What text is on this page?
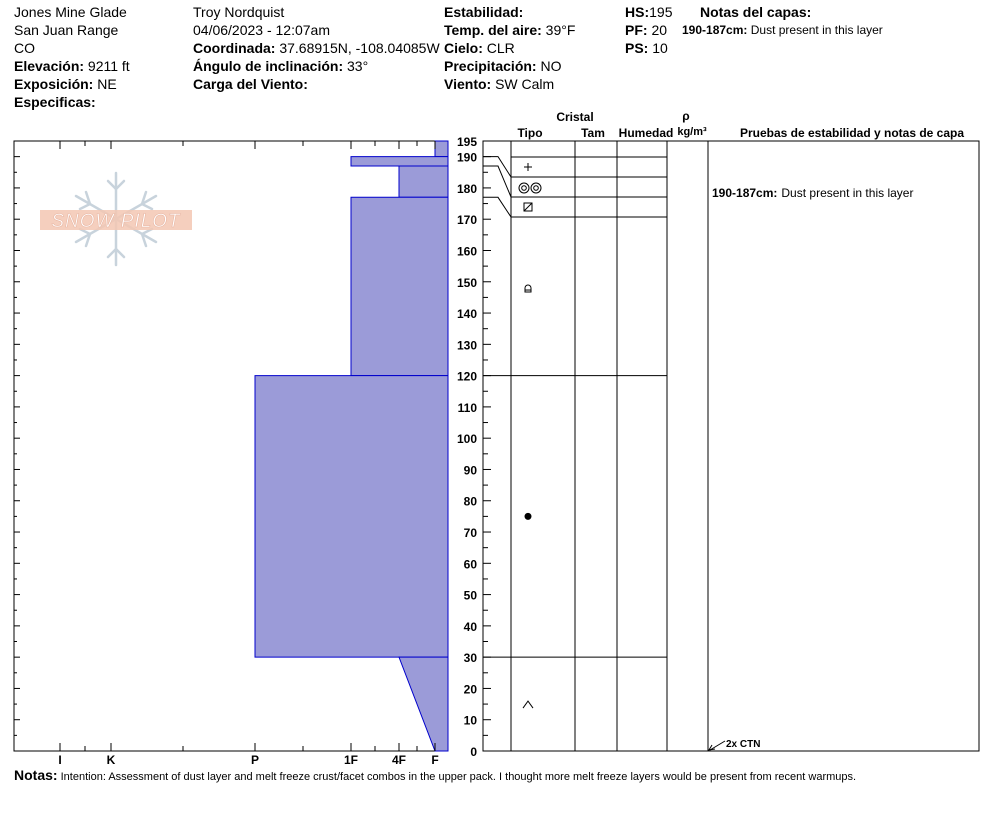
Jones Mine Glade
San Juan Range
CO
Elevación: 9211 ft
Exposición: NE
Especificas:
Troy Nordquist
04/06/2023 - 12:07am
Coordinada: 37.68915N, -108.04085W
Ángulo de inclinación: 33°
Carga del Viento:
Estabilidad:
Temp. del aire: 39°F
Cielo: CLR
Precipitación: NO
Viento: SW Calm
HS:195
PF: 20
PS: 10
Notas del capas:
190-187cm: Dust present in this layer
I	K	P	1F	4F F
SNOW PILOT
0
10
20
30
40
50
60
70
80
90
100
110
120
130
140
150
160
170
180
190
195
Cristal
Tipo	Tam Humedad
ρ
kg/m³	Pruebas de estabilidad y notas de capa
190-187cm: Dust present in this layer
2x CTN
Notas: Intention: Assessment of dust layer and melt freeze crust/facet combos in the upper pack. I thought more melt freeze layers would be present from recent warmups.
